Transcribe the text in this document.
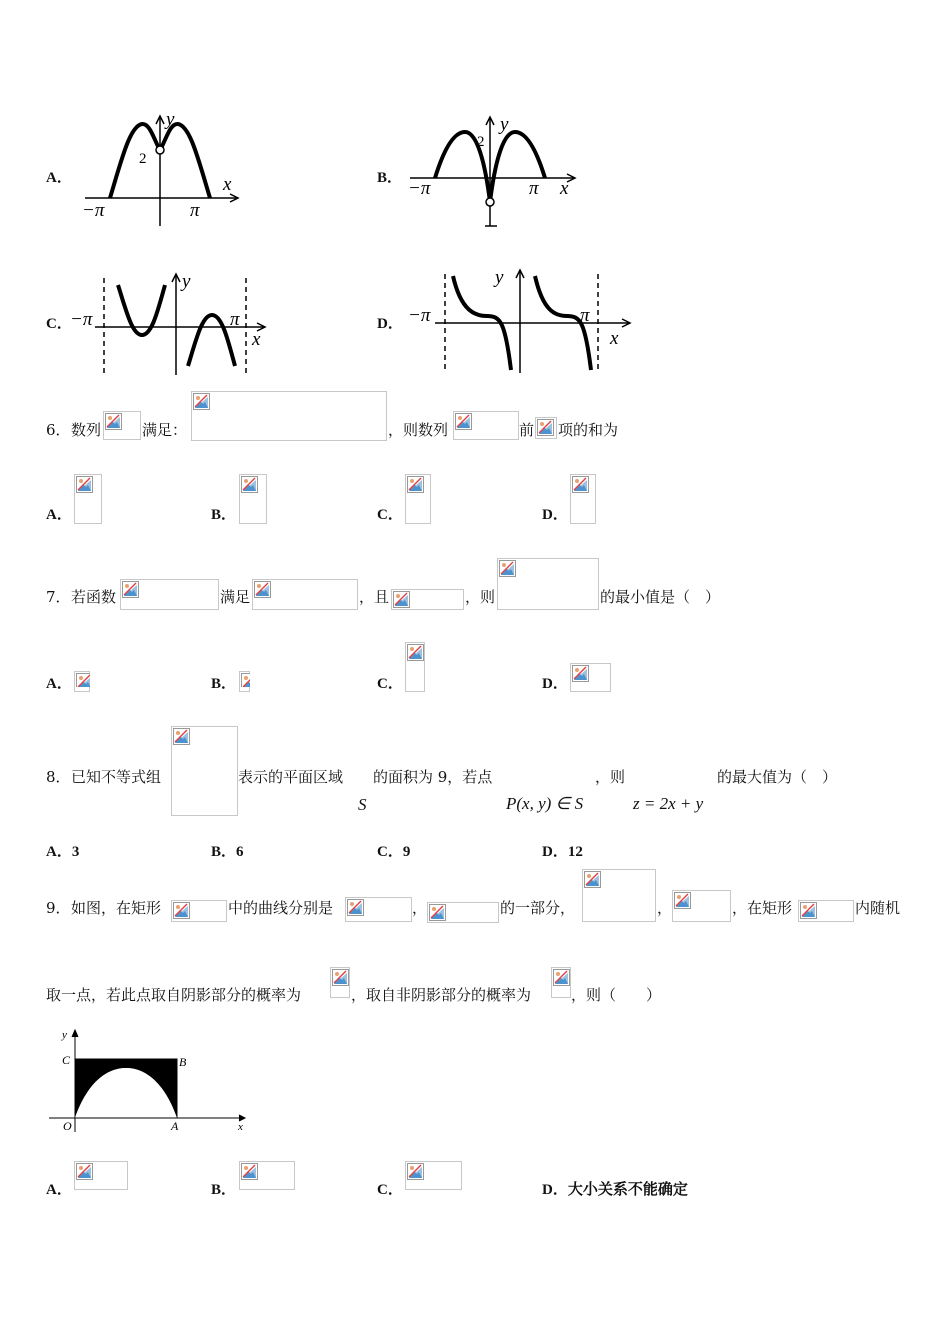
A．
2
y
x
−π	π
B．
2
y
x
−π	π
C．
y
x
−π	π	D．
y
x
−π	π
6． 数列	满足：	，则数列	前 项的和为
A．	B．	C．	D．
7． 若函数	满足	，且	，则	的最小值是（　）
A．	B．	C．	D．
8． 已知不等式组	表示的平面区域
S
的面积为 9，若点
P(x, y) ∈ S
，则
z = 2x + y
的最大值为（　）
A．3	B．6	C．9	D．12
9． 如图，在矩形	中的曲线分别是	，	的一部分，	，	，在矩形	内随机
取一点，若此点取自阴影部分的概率为	，取自非阴影部分的概率为	，则（　　）
y
x
C	B
O	A
A．	B．	C．	D．大小关系不能确定
